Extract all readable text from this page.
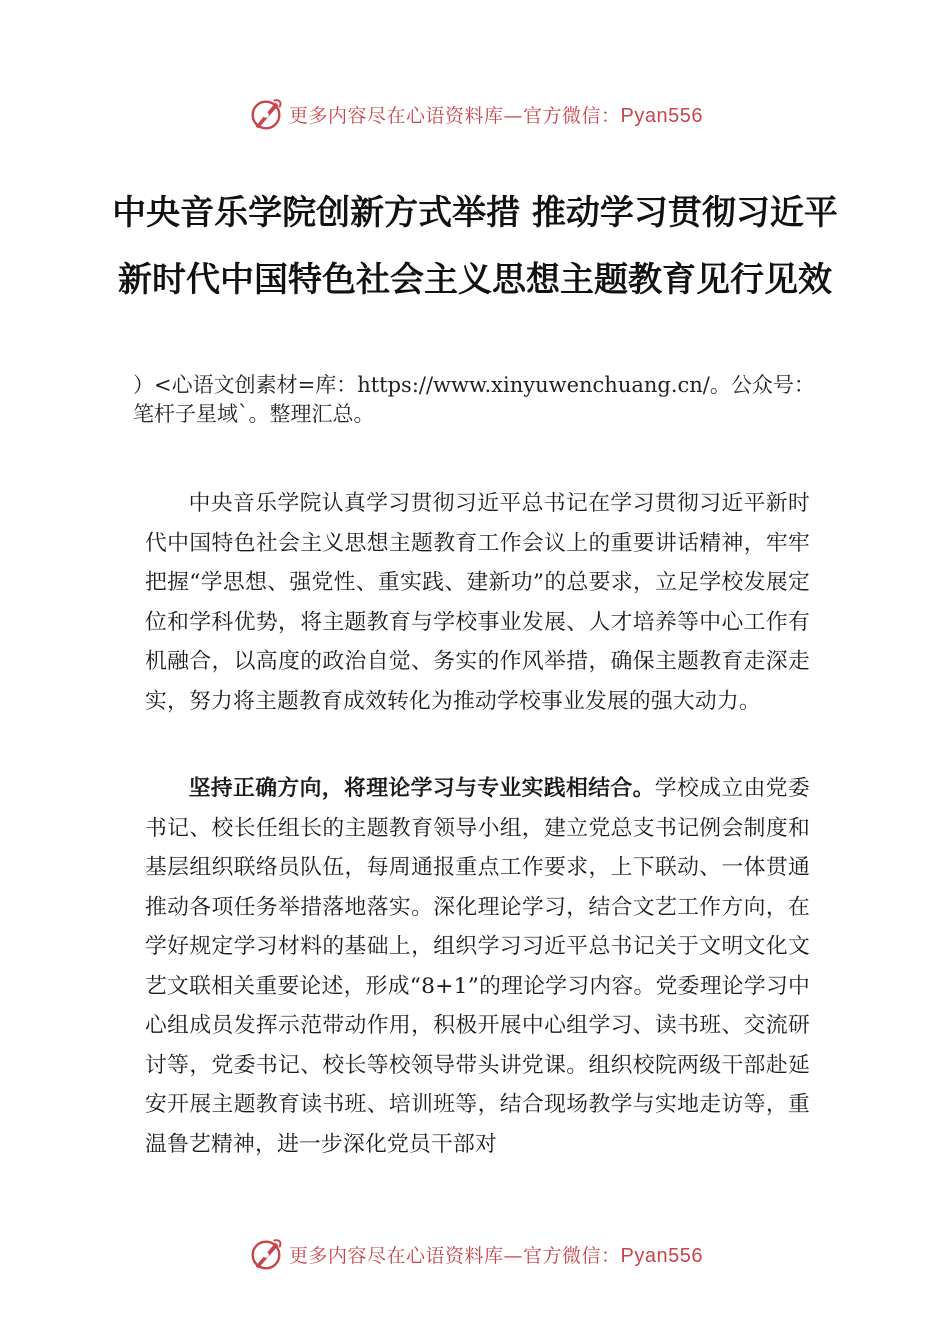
更多内容尽在心语资料库—官方微信：Pyan556
中央音乐学院创新方式举措 推动学习贯彻习近平新时代中国特色社会主义思想主题教育见行见效

）<心语文创素材=库：https://www.xinyuwenchuang.cn/。公众号：笔杆子星域`。整理汇总。

中央音乐学院认真学习贯彻习近平总书记在学习贯彻习近平新时代中国特色社会主义思想主题教育工作会议上的重要讲话精神，牢牢把握“学思想、强党性、重实践、建新功”的总要求，立足学校发展定位和学科优势，将主题教育与学校事业发展、人才培养等中心工作有机融合，以高度的政治自觉、务实的作风举措，确保主题教育走深走实，努力将主题教育成效转化为推动学校事业发展的强大动力。

坚持正确方向，将理论学习与专业实践相结合。学校成立由党委书记、校长任组长的主题教育领导小组，建立党总支书记例会制度和基层组织联络员队伍，每周通报重点工作要求，上下联动、一体贯通推动各项任务举措落地落实。深化理论学习，结合文艺工作方向，在学好规定学习材料的基础上，组织学习习近平总书记关于文明文化文艺文联相关重要论述，形成“8+1”的理论学习内容。党委理论学习中心组成员发挥示范带动作用，积极开展中心组学习、读书班、交流研讨等，党委书记、校长等校领导带头讲党课。组织校院两级干部赴延安开展主题教育读书班、培训班等，结合现场教学与实地走访等，重温鲁艺精神，进一步深化党员干部对

更多内容尽在心语资料库—官方微信：Pyan556
